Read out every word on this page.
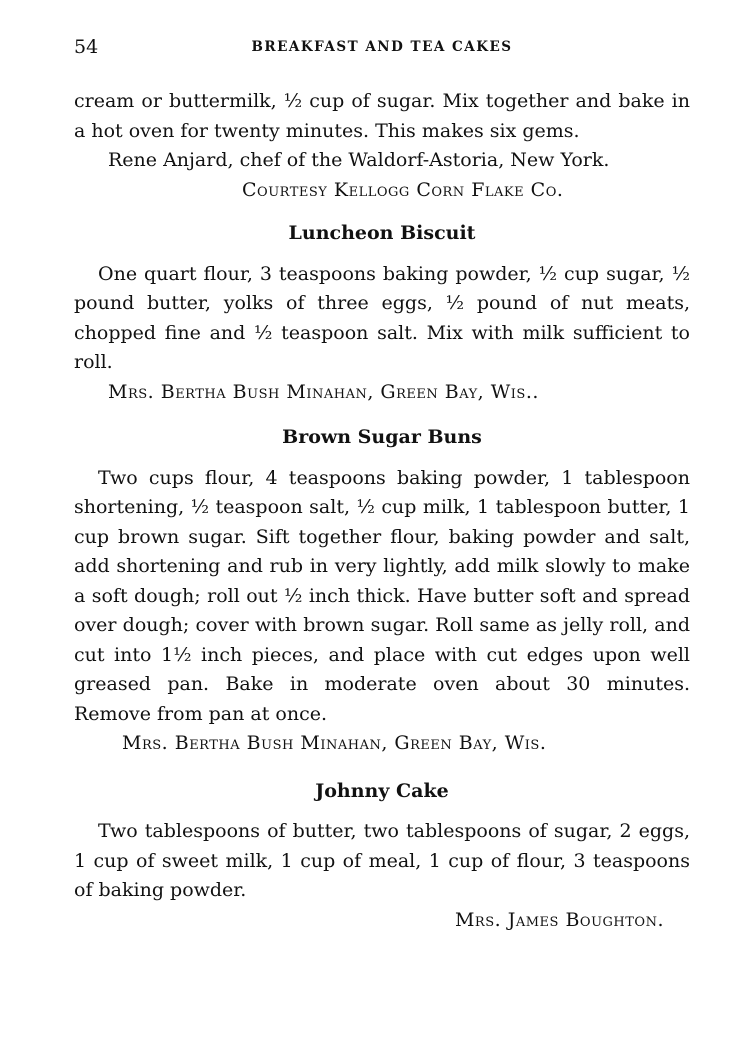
54	BREAKFAST AND TEA CAKES

cream or buttermilk, ½ cup of sugar. Mix together and bake in a hot oven for twenty minutes. This makes six gems.

Rene Anjard, chef of the Waldorf-Astoria, New York.

Courtesy Kellogg Corn Flake Co.

Luncheon Biscuit

One quart flour, 3 teaspoons baking powder, ½ cup sugar, ½ pound butter, yolks of three eggs, ½ pound of nut meats, chopped fine and ½ teaspoon salt. Mix with milk sufficient to roll.

Mrs. Bertha Bush Minahan, Green Bay, Wis..

Brown Sugar Buns

Two cups flour, 4 teaspoons baking powder, 1 tablespoon shortening, ½ teaspoon salt, ½ cup milk, 1 tablespoon butter, 1 cup brown sugar. Sift together flour, baking powder and salt, add shortening and rub in very lightly, add milk slowly to make a soft dough; roll out ½ inch thick. Have butter soft and spread over dough; cover with brown sugar. Roll same as jelly roll, and cut into 1½ inch pieces, and place with cut edges upon well greased pan. Bake in moderate oven about 30 minutes. Remove from pan at once.

Mrs. Bertha Bush Minahan, Green Bay, Wis.

Johnny Cake

Two tablespoons of butter, two tablespoons of sugar, 2 eggs, 1 cup of sweet milk, 1 cup of meal, 1 cup of flour, 3 teaspoons of baking powder.

Mrs. James Boughton.
